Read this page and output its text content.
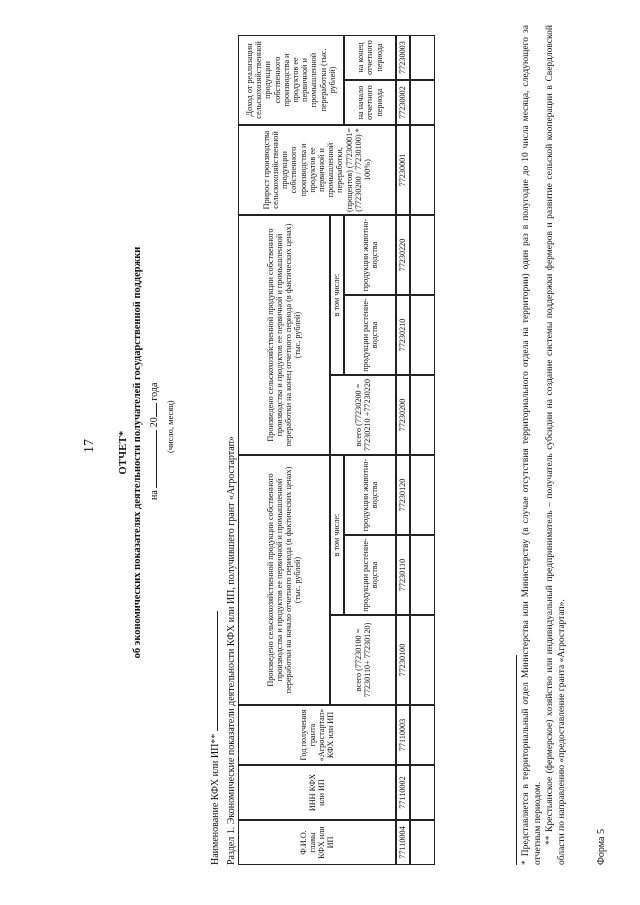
Форма 5
17 ОТЧЕТ* об экономических показателях деятельности получателей государственной поддержки на  20 года
(число, месяц)
Наименование КФХ или ИП** Раздел 1. Экономические показатели деятельности КФХ или ИП, получившего грант «Агростартап»	Ф.И.О. главы КФХ или ИП
ИНН КФХ или ИП
Год получения гранта «Агростартап» КФХ или ИП
Произведено сельскохозяйственной продукции собственного производства и продуктов ее первичной и промышленной переработки на начало отчетного периода (в фактических ценах) (тыс. рублей)
всего (77230100 = 77230110+ 77230120)
в том числе:
продукции растение-водства
продукции животно-водства
Произведено сельскохозяйственной продукции собственного производства и продуктов ее первичной и промышленной переработки на конец отчетного периода (в фактических ценах) (тыс. рублей)
всего (77230200 = 77230210 +77230220
в том числе:
продукции растение-водства
продукции животно-водства
Прирост производства сельскохозяйственной продукции собственного производства и продуктов ее первичной и промышленной переработки, (процентов) (77230001= (77230200 / 77230100) * 100%)
Доход от реализации сельскохозяйственной продукции собственного производства и продуктов ее первичной и промышленной переработки (тыс. рублей)
на начало отчетного периода
на конец отчетного периода
77110004
77110002
77110003
77230100
77230110
77230120
77230200
77230210
77230220
77230001
77230002
77230003	* Представляется в территориальный отдел Министерства или Министерству (в случае отсутствия территориального отдела на территории) один раз в полугодие до 10 числа месяца, следующего за отчетным периодом. ** Крестьянское (фермерское) хозяйство или индивидуальный предприниматель – получатель субсидии на создание системы поддержки фермеров и развитие сельской кооперации в Свердловской области по направлению «предоставление гранта «Агростартап».
